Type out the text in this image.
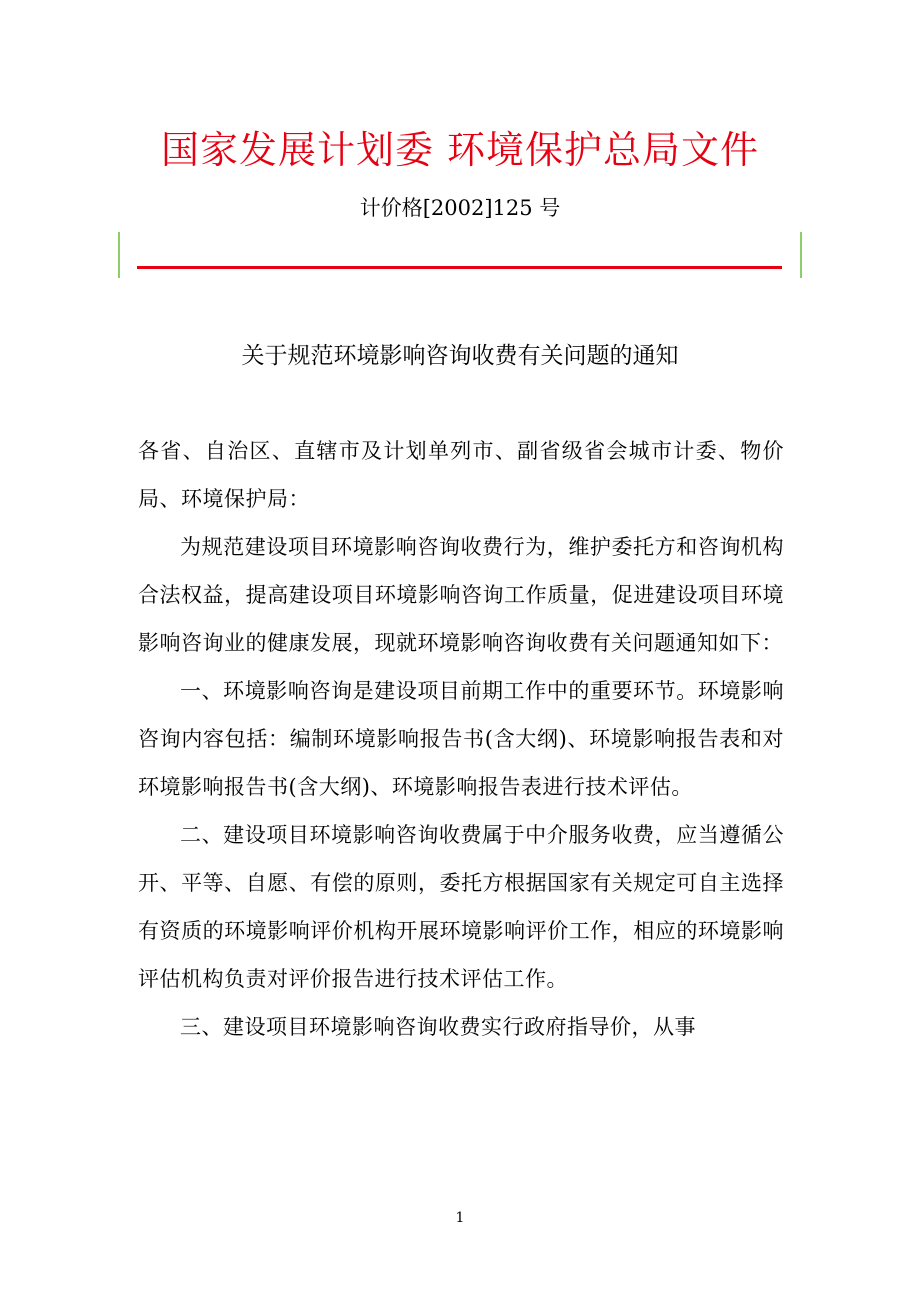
国家发展计划委 环境保护总局文件
计价格[2002]125 号
关于规范环境影响咨询收费有关问题的通知

各省、自治区、直辖市及计划单列市、副省级省会城市计委、物价局、环境保护局：

为规范建设项目环境影响咨询收费行为，维护委托方和咨询机构合法权益，提高建设项目环境影响咨询工作质量，促进建设项目环境影响咨询业的健康发展，现就环境影响咨询收费有关问题通知如下：

一、环境影响咨询是建设项目前期工作中的重要环节。环境影响咨询内容包括：编制环境影响报告书(含大纲)、环境影响报告表和对环境影响报告书(含大纲)、环境影响报告表进行技术评估。

二、建设项目环境影响咨询收费属于中介服务收费，应当遵循公开、平等、自愿、有偿的原则，委托方根据国家有关规定可自主选择有资质的环境影响评价机构开展环境影响评价工作，相应的环境影响评估机构负责对评价报告进行技术评估工作。

三、建设项目环境影响咨询收费实行政府指导价，从事

1
